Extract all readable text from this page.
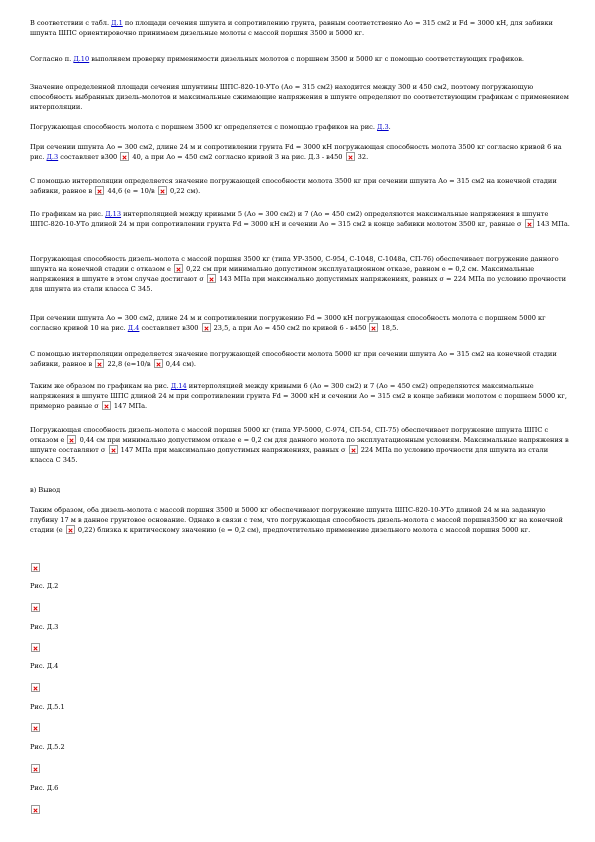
В соответствии с табл. Д.1 по площади сечения шпунта и сопротивлению грунта, равным соответственно Ао = 315 см2 и Fd = 3000 кН, для забивки шпунта ШПС ориентировочно принимаем дизельные молоты с массой поршня 3500 и 5000 кг.

Согласно п. Д.10 выполняем проверку применимости дизельных молотов с поршнем 3500 и 5000 кг с помощью соответствующих графиков.

Значение определенной площади сечения шпунтины ШПС-820-10-УТо (Ао = 315 см2) находится между 300 и 450 см2, поэтому погружающую способность выбранных дизель-молотов и максимальные сжимающие напряжения в шпунте определяют по соответствующим графикам с применением интерполяции.

Погружающая способность молота с поршнем 3500 кг определяется с помощью графиков на рис. Д.3.

При сечении шпунта Ао = 300 см2, длине 24 м и сопротивлении грунта Fd = 3000 кН погружающая способность молота 3500 кг согласно кривой 6 на рис. Д.3 составляет в300  40, а при Ао = 450 см2 согласно кривой 3 на рис. Д.3 - в450  32.

С помощью интерполяции определяется значение погружающей способности молота 3500 кг при сечении шпунта Ао = 315 см2 на конечной стадии забивки, равное в  44,6 (е = 10/в  0,22 см).

По графикам на рис. Д.13 интерполяцией между кривыми 5 (Ао = 300 см2) и 7 (Ао = 450 см2) определяются максимальные напряжения в шпунте ШПС-820-10-УТо длиной 24 м при сопротивлении грунта Fd = 3000 кН и сечении Ао = 315 см2 в конце забивки молотом 3500 кг, равные σ  143 МПа.

Погружающая способность дизель-молота с массой поршня 3500 кг (типа УР-3500, С-954, С-1048, С-1048а, СП-76) обеспечивает погружение данного шпунта на конечной стадии с отказом е  0,22 см при минимально допустимом эксплуатационном отказе, равном е = 0,2 см. Максимальные напряжения в шпунте в этом случае достигают σ  143 МПа при максимально допустимых напряжениях, равных σ = 224 МПа по условию прочности для шпунта из стали класса С 345.

При сечении шпунта Ао = 300 см2, длине 24 м и сопротивлении погружению Fd = 3000 кН погружающая способность молота с поршнем 5000 кг согласно кривой 10 на рис. Д.4 составляет в300  23,5, а при Ао = 450 см2 по кривой 6 - в450  18,5.

С помощью интерполяции определяется значение погружающей способности молота 5000 кг при сечении шпунта Ао = 315 см2 на конечной стадии забивки, равное в  22,8 (е=10/в  0,44 см).

Таким же образом по графикам на рис. Д.14 интерполяцией между кривыми 6 (Ао = 300 см2) и 7 (Ао = 450 см2) определяются максимальные напряжения в шпунте ШПС длиной 24 м при сопротивлении грунта Fd = 3000 кН и сечении Ао = 315 см2 в конце забивки молотом с поршнем 5000 кг, примерно равные σ  147 МПа.

Погружающая способность дизель-молота с массой поршня 5000 кг (типа УР-5000, С-974, СП-54, СП-75) обеспечивает погружение шпунта ШПС с отказом е  0,44 см при минимально допустимом отказе е = 0,2 см для данного молота по эксплуатационным условиям. Максимальные напряжения в шпунте составляют σ  147 МПа при максимально допустимых напряжениях, равных σ  224 МПа по условию прочности для шпунта из стали класса С 345.

в) Вывод

Таким образом, оба дизель-молота с массой поршня 3500 и 5000 кг обеспечивают погружение шпунта ШПС-820-10-УТо длиной 24 м на заданную глубину 17 м в данное грунтовое основание. Однако в связи с тем, что погружающая способность дизель-молота с массой поршня3500 кг на конечной стадии (е  0,22) близка к критическому значению (е = 0,2 см), предпочтительно применение дизельного молота с массой поршня 5000 кг.

Рис. Д.2
Рис. Д.3
Рис. Д.4
Рис. Д.5.1
Рис. Д.5.2
Рис. Д.6
